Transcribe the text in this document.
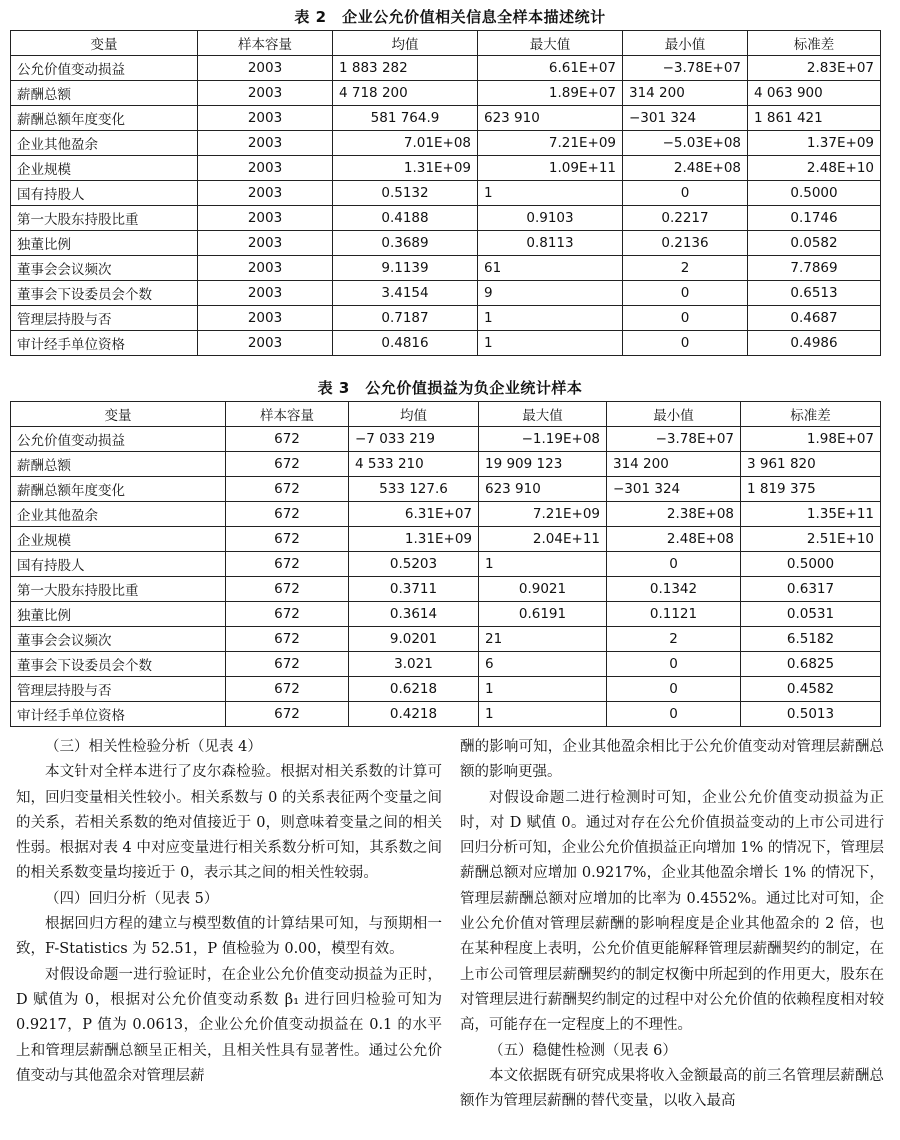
表 2　企业公允价值相关信息全样本描述统计
变量	样本容量	均值	最大值	最小值	标准差
公允价值变动损益	2003	1 883 282	6.61E+07	−3.78E+07	2.83E+07
薪酬总额	2003	4 718 200	1.89E+07	314 200	4 063 900
薪酬总额年度变化	2003	581 764.9	623 910	−301 324	1 861 421
企业其他盈余	2003	7.01E+08	7.21E+09	−5.03E+08	1.37E+09
企业规模	2003	1.31E+09	1.09E+11	2.48E+08	2.48E+10
国有持股人	2003	0.5132	1	0	0.5000
第一大股东持股比重	2003	0.4188	0.9103	0.2217	0.1746
独董比例	2003	0.3689	0.8113	0.2136	0.0582
董事会会议频次	2003	9.1139	61	2	7.7869
董事会下设委员会个数	2003	3.4154	9	0	0.6513
管理层持股与否	2003	0.7187	1	0	0.4687
审计经手单位资格	2003	0.4816	1	0	0.4986
表 3　公允价值损益为负企业统计样本
变量	样本容量	均值	最大值	最小值	标准差
公允价值变动损益	672	−7 033 219	−1.19E+08	−3.78E+07	1.98E+07
薪酬总额	672	4 533 210	19 909 123	314 200	3 961 820
薪酬总额年度变化	672	533 127.6	623 910	−301 324	1 819 375
企业其他盈余	672	6.31E+07	7.21E+09	2.38E+08	1.35E+11
企业规模	672	1.31E+09	2.04E+11	2.48E+08	2.51E+10
国有持股人	672	0.5203	1	0	0.5000
第一大股东持股比重	672	0.3711	0.9021	0.1342	0.6317
独董比例	672	0.3614	0.6191	0.1121	0.0531
董事会会议频次	672	9.0201	21	2	6.5182
董事会下设委员会个数	672	3.021	6	0	0.6825
管理层持股与否	672	0.6218	1	0	0.4582
审计经手单位资格	672	0.4218	1	0	0.5013

（三）相关性检验分析（见表 4）

本文针对全样本进行了皮尔森检验。根据对相关系数的计算可知，回归变量相关性较小。相关系数与 0 的关系表征两个变量之间的关系，若相关系数的绝对值接近于 0，则意味着变量之间的相关性弱。根据对表 4 中对应变量进行相关系数分析可知，其系数之间的相关系数变量均接近于 0，表示其之间的相关性较弱。

（四）回归分析（见表 5）

根据回归方程的建立与模型数值的计算结果可知，与预期相一致，F-Statistics 为 52.51，P 值检验为 0.00，模型有效。

对假设命题一进行验证时，在企业公允价值变动损益为正时，D 赋值为 0，根据对公允价值变动系数 β₁ 进行回归检验可知为 0.9217，P 值为 0.0613，企业公允价值变动损益在 0.1 的水平上和管理层薪酬总额呈正相关，且相关性具有显著性。通过公允价值变动与其他盈余对管理层薪

酬的影响可知，企业其他盈余相比于公允价值变动对管理层薪酬总额的影响更强。

对假设命题二进行检测时可知，企业公允价值变动损益为正时，对 D 赋值 0。通过对存在公允价值损益变动的上市公司进行回归分析可知，企业公允价值损益正向增加 1% 的情况下，管理层薪酬总额对应增加 0.9217%，企业其他盈余增长 1% 的情况下，管理层薪酬总额对应增加的比率为 0.4552%。通过比对可知，企业公允价值对管理层薪酬的影响程度是企业其他盈余的 2 倍，也在某种程度上表明，公允价值更能解释管理层薪酬契约的制定，在上市公司管理层薪酬契约的制定权衡中所起到的作用更大，股东在对管理层进行薪酬契约制定的过程中对公允价值的依赖程度相对较高，可能存在一定程度上的不理性。

（五）稳健性检测（见表 6）

本文依据既有研究成果将收入金额最高的前三名管理层薪酬总额作为管理层薪酬的替代变量，以收入最高
